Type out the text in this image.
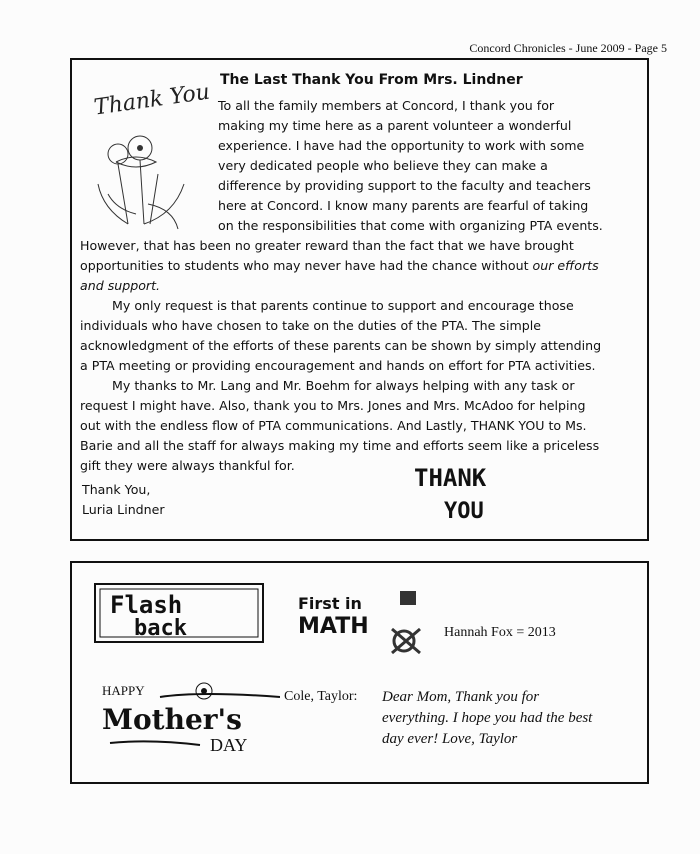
Concord Chronicles - June 2009 - Page 5
Thank You The Last Thank You From Mrs. Lindner
To all the family members at Concord, I thank you for
making my time here as a parent volunteer a wonderful
experience. I have had the opportunity to work with some
very dedicated people who believe they can make a
difference by providing support to the faculty and teachers
here at Concord. I know many parents are fearful of taking
on the responsibilities that come with organizing PTA events.
However, that has been no greater reward than the fact that we have brought
opportunities to students who may never have had the chance without our efforts
and support.
My only request is that parents continue to support and encourage those
individuals who have chosen to take on the duties of the PTA. The simple
acknowledgment of the efforts of these parents can be shown by simply attending
a PTA meeting or providing encouragement and hands on effort for PTA activities.
My thanks to Mr. Lang and Mr. Boehm for always helping with any task or
request I might have. Also, thank you to Mrs. Jones and Mrs. McAdoo for helping
out with the endless flow of PTA communications. And Lastly, THANK YOU to Ms.
Barie and all the staff for always making my time and efforts seem like a priceless
gift they were always thankful for.
Thank You,
Luria Lindner
THANK
YOU
Flash
back
First in
MATH	Hannah Fox = 2013
HAPPY
Mother's
DAY
Cole, Taylor: Dear Mom, Thank you for
everything. I hope you had the best
day ever! Love, Taylor
